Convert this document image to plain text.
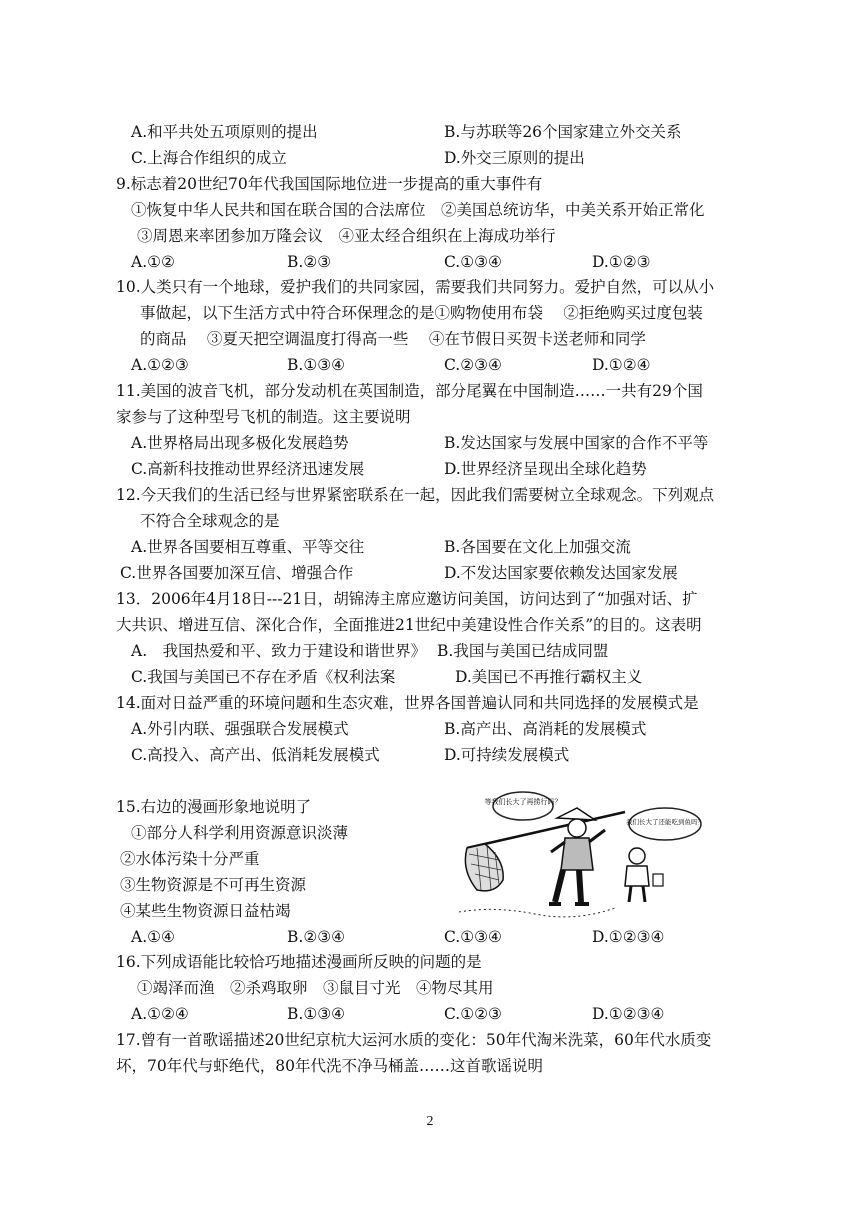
A.和平共处五项原则的提出	B.与苏联等26个国家建立外交关系
C.上海合作组织的成立	D.外交三原则的提出
9.标志着20世纪70年代我国国际地位进一步提高的重大事件有
①恢复中华人民共和国在联合国的合法席位　②美国总统访华，中美关系开始正常化
③周恩来率团参加万隆会议　④亚太经合组织在上海成功举行
A.①②	B.②③	C.①③④	D.①②③
10.人类只有一个地球，爱护我们的共同家园，需要我们共同努力。爱护自然，可以从小
事做起，以下生活方式中符合环保理念的是①购物使用布袋　 ②拒绝购买过度包装
的商品　 ③夏天把空调温度打得高一些　 ④在节假日买贺卡送老师和同学
A.①②③	B.①③④	C.②③④	D.①②④
11.美国的波音飞机，部分发动机在英国制造，部分尾翼在中国制造……一共有29个国
家参与了这种型号飞机的制造。这主要说明
A.世界格局出现多极化发展趋势	B.发达国家与发展中国家的合作不平等
C.高新科技推动世界经济迅速发展	D.世界经济呈现出全球化趋势
12.今天我们的生活已经与世界紧密联系在一起，因此我们需要树立全球观念。下列观点
不符合全球观念的是
A.世界各国要相互尊重、平等交往	B.各国要在文化上加强交流
C.世界各国要加深互信、增强合作	D.不发达国家要依赖发达国家发展
13．2006年4月18日---21日，胡锦涛主席应邀访问美国，访问达到了“加强对话、扩
大共识、增进互信、深化合作，全面推进21世纪中美建设性合作关系”的目的。这表明
A.　我国热爱和平、致力于建设和谐世界》 B.我国与美国已结成同盟
C.我国与美国已不存在矛盾《权利法案	D.美国已不再推行霸权主义
14.面对日益严重的环境问题和生态灾难，世界各国普遍认同和共同选择的发展模式是
A.外引内联、强强联合发展模式	B.高产出、高消耗的发展模式
C.高投入、高产出、低消耗发展模式	D.可持续发展模式
15.右边的漫画形象地说明了
①部分人科学利用资源意识淡薄
②水体污染十分严重
③生物资源是不可再生资源
④某些生物资源日益枯竭
A.①④	B.②③④	C.①③④	D.①②③④
等我们长大了再捞行吗？
我们长大了还能吃到鱼吗？
16.下列成语能比较恰巧地描述漫画所反映的问题的是
①竭泽而渔　②杀鸡取卵　③鼠目寸光　④物尽其用
A.①②④	B.①③④	C.①②③	D.①②③④
17.曾有一首歌谣描述20世纪京杭大运河水质的变化：50年代淘米洗菜，60年代水质变
坏，70年代与虾绝代，80年代洗不净马桶盖……这首歌谣说明
2
